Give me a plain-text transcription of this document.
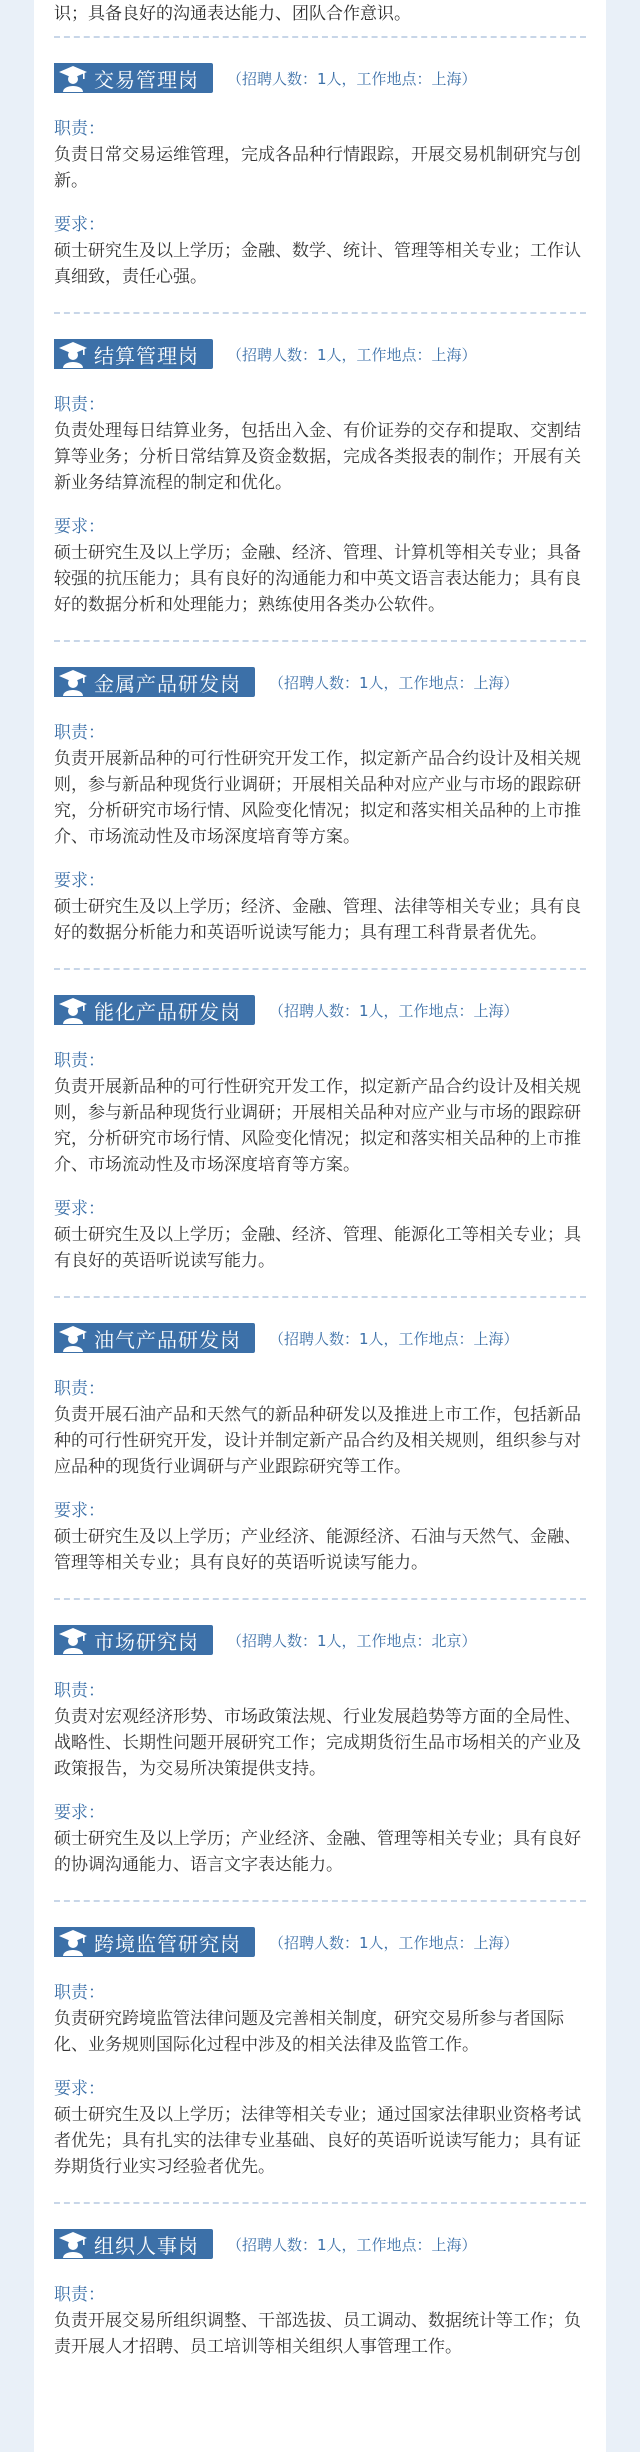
识；具备良好的沟通表达能力、团队合作意识。

交易管理岗 （招聘人数：1人，工作地点：上海）
职责：

负责日常交易运维管理，完成各品种行情跟踪，开展交易机制研究与创新。

要求：

硕士研究生及以上学历；金融、数学、统计、管理等相关专业；工作认真细致，责任心强。

结算管理岗 （招聘人数：1人，工作地点：上海）
职责：

负责处理每日结算业务，包括出入金、有价证券的交存和提取、交割结算等业务；分析日常结算及资金数据，完成各类报表的制作；开展有关新业务结算流程的制定和优化。

要求：

硕士研究生及以上学历；金融、经济、管理、计算机等相关专业；具备较强的抗压能力；具有良好的沟通能力和中英文语言表达能力；具有良好的数据分析和处理能力；熟练使用各类办公软件。

金属产品研发岗 （招聘人数：1人，工作地点：上海）
职责：

负责开展新品种的可行性研究开发工作，拟定新产品合约设计及相关规则，参与新品种现货行业调研；开展相关品种对应产业与市场的跟踪研究，分析研究市场行情、风险变化情况；拟定和落实相关品种的上市推介、市场流动性及市场深度培育等方案。

要求：

硕士研究生及以上学历；经济、金融、管理、法律等相关专业；具有良好的数据分析能力和英语听说读写能力；具有理工科背景者优先。

能化产品研发岗 （招聘人数：1人，工作地点：上海）
职责：

负责开展新品种的可行性研究开发工作，拟定新产品合约设计及相关规则，参与新品种现货行业调研；开展相关品种对应产业与市场的跟踪研究，分析研究市场行情、风险变化情况；拟定和落实相关品种的上市推介、市场流动性及市场深度培育等方案。

要求：

硕士研究生及以上学历；金融、经济、管理、能源化工等相关专业；具有良好的英语听说读写能力。

油气产品研发岗 （招聘人数：1人，工作地点：上海）
职责：

负责开展石油产品和天然气的新品种研发以及推进上市工作，包括新品种的可行性研究开发，设计并制定新产品合约及相关规则，组织参与对应品种的现货行业调研与产业跟踪研究等工作。

要求：

硕士研究生及以上学历；产业经济、能源经济、石油与天然气、金融、管理等相关专业；具有良好的英语听说读写能力。

市场研究岗 （招聘人数：1人，工作地点：北京）
职责：

负责对宏观经济形势、市场政策法规、行业发展趋势等方面的全局性、战略性、长期性问题开展研究工作；完成期货衍生品市场相关的产业及政策报告，为交易所决策提供支持。

要求：

硕士研究生及以上学历；产业经济、金融、管理等相关专业；具有良好的协调沟通能力、语言文字表达能力。

跨境监管研究岗 （招聘人数：1人，工作地点：上海）
职责：

负责研究跨境监管法律问题及完善相关制度，研究交易所参与者国际化、业务规则国际化过程中涉及的相关法律及监管工作。

要求：

硕士研究生及以上学历；法律等相关专业；通过国家法律职业资格考试者优先；具有扎实的法律专业基础、良好的英语听说读写能力；具有证券期货行业实习经验者优先。

组织人事岗 （招聘人数：1人，工作地点：上海）
职责：

负责开展交易所组织调整、干部选拔、员工调动、数据统计等工作；负责开展人才招聘、员工培训等相关组织人事管理工作。
